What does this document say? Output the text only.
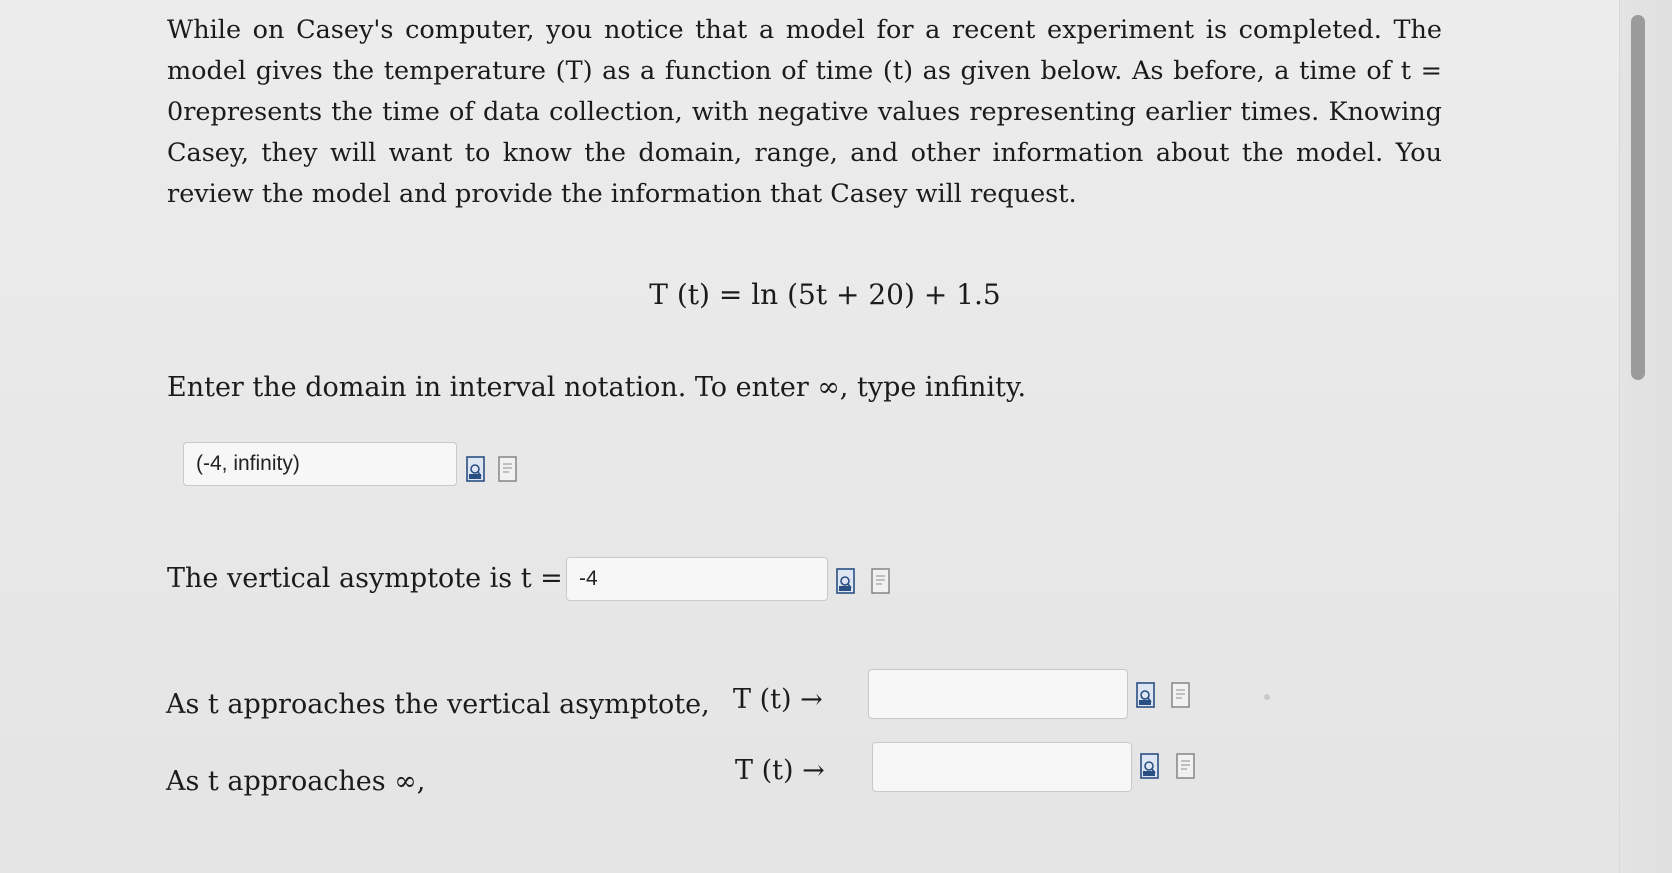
While on Casey's computer, you notice that a model for a recent experiment is completed. The model gives the temperature (T) as a function of time (t) as given below. As before, a time of t = 0represents the time of data collection, with negative values representing earlier times. Knowing Casey, they will want to know the domain, range, and other information about the model. You review the model and provide the information that Casey will request.
T (t) = ln (5t + 20) + 1.5
Enter the domain in interval notation. To enter ∞, type infinity.
(-4, infinity)
The vertical asymptote is t = -4
As t approaches the vertical asymptote, T (t) →
As t approaches ∞,	T (t) →
